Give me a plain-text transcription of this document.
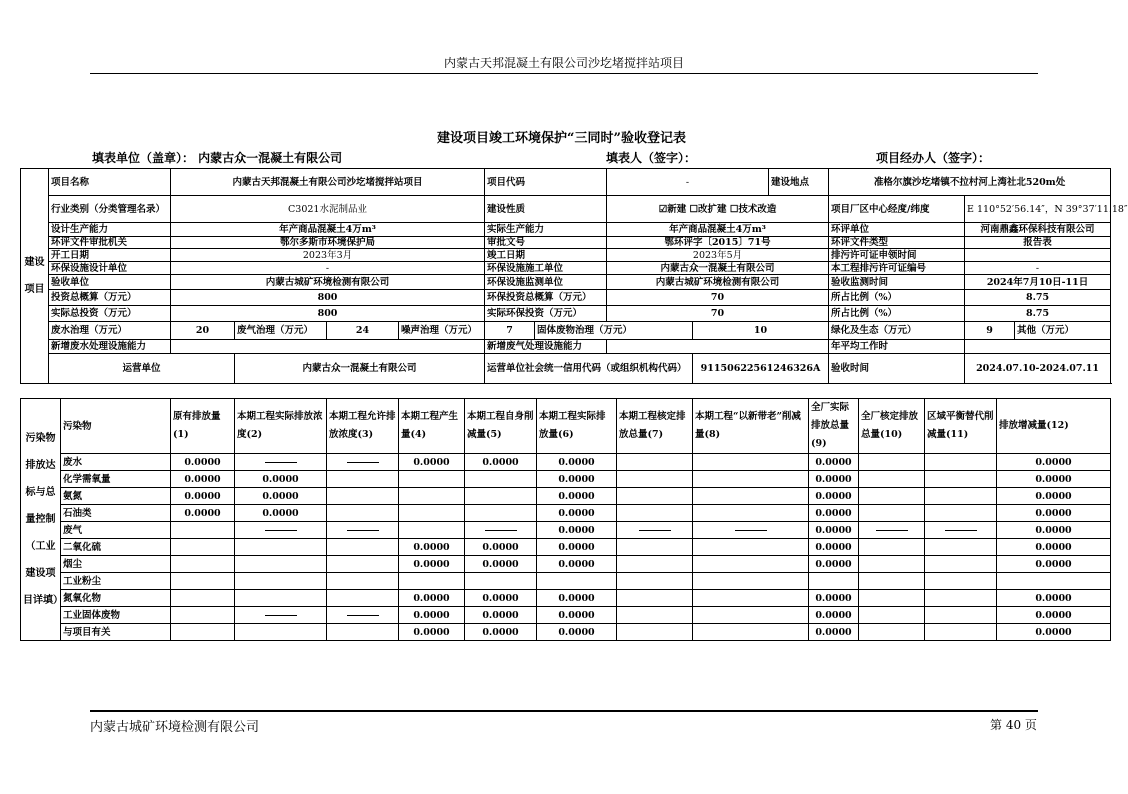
内蒙古天邦混凝土有限公司沙圪堵搅拌站项目
建设项目竣工环境保护“三同时”验收登记表
填表单位（盖章）： 内蒙古众一混凝土有限公司	填表人（签字）：	项目经办人（签字）：
建设项目	项目名称	内蒙古天邦混凝土有限公司沙圪堵搅拌站项目				项目代码		-		建设地点	准格尔旗沙圪堵镇不拉村河上湾社北520m处			
	行业类别（分类管理名录）	C3021水泥制品业				建设性质		☑新建 ☐改扩建 ☐技术改造			项目厂区中心经度/纬度	E 110°52′56.14″，N 39°37′11.18″		
	设计生产能力	年产商品混凝土4万m³				实际生产能力		年产商品混凝土4万m³			环评单位	河南鼎鑫环保科技有限公司		
	环评文件审批机关	鄂尔多斯市环境保护局				审批文号		鄂环评字〔2015〕71号			环评文件类型	报告表		
	开工日期	2023年3月				竣工日期		2023年5月			排污许可证申领时间			
	环保设施设计单位	-				环保设施施工单位		内蒙古众一混凝土有限公司			本工程排污许可证编号	-		
	验收单位	内蒙古城矿环境检测有限公司				环保设施监测单位		内蒙古城矿环境检测有限公司			验收监测时间	2024年7月10日-11日		
	投资总概算（万元）	800				环保投资总概算（万元）		70			所占比例（%）	8.75		
	实际总投资（万元）	800				实际环保投资（万元）		70			所占比例（%）	8.75		
	废水治理（万元）	20	废气治理（万元）	24	噪声治理（万元）	7	固体废物治理（万元）		10		绿化及生态（万元）	9	其他（万元）	
	新增废水处理设施能力					新增废气处理设施能力					年平均工作时			
	运营单位		内蒙古众一混凝土有限公司			运营单位社会统一信用代码（或组织机构代码）			91150622561246326A		验收时间	2024.07.10-2024.07.11		
污染物排放达标与总量控制（工业建设项目详填）	污染物	原有排放量(1)	本期工程实际排放浓度(2)	本期工程允许排放浓度(3)	本期工程产生量(4)	本期工程自身削减量(5)	本期工程实际排放量(6)	本期工程核定排放总量(7)	本期工程“以新带老”削减量(8)	全厂实际排放总量(9)	全厂核定排放总量(10)	区域平衡替代削减量(11)	排放增减量(12)
	废水	0.0000			0.0000	0.0000	0.0000			0.0000			0.0000
	化学需氧量	0.0000	0.0000				0.0000			0.0000			0.0000
	氨氮	0.0000	0.0000				0.0000			0.0000			0.0000
	石油类	0.0000	0.0000				0.0000			0.0000			0.0000
	废气						0.0000			0.0000			0.0000
	二氧化硫				0.0000	0.0000	0.0000			0.0000			0.0000
	烟尘				0.0000	0.0000	0.0000			0.0000			0.0000
	工业粉尘												
	氮氧化物				0.0000	0.0000	0.0000			0.0000			0.0000
	工业固体废物				0.0000	0.0000	0.0000			0.0000			0.0000
	与项目有关				0.0000	0.0000	0.0000			0.0000			0.0000
内蒙古城矿环境检测有限公司	第 40 页
